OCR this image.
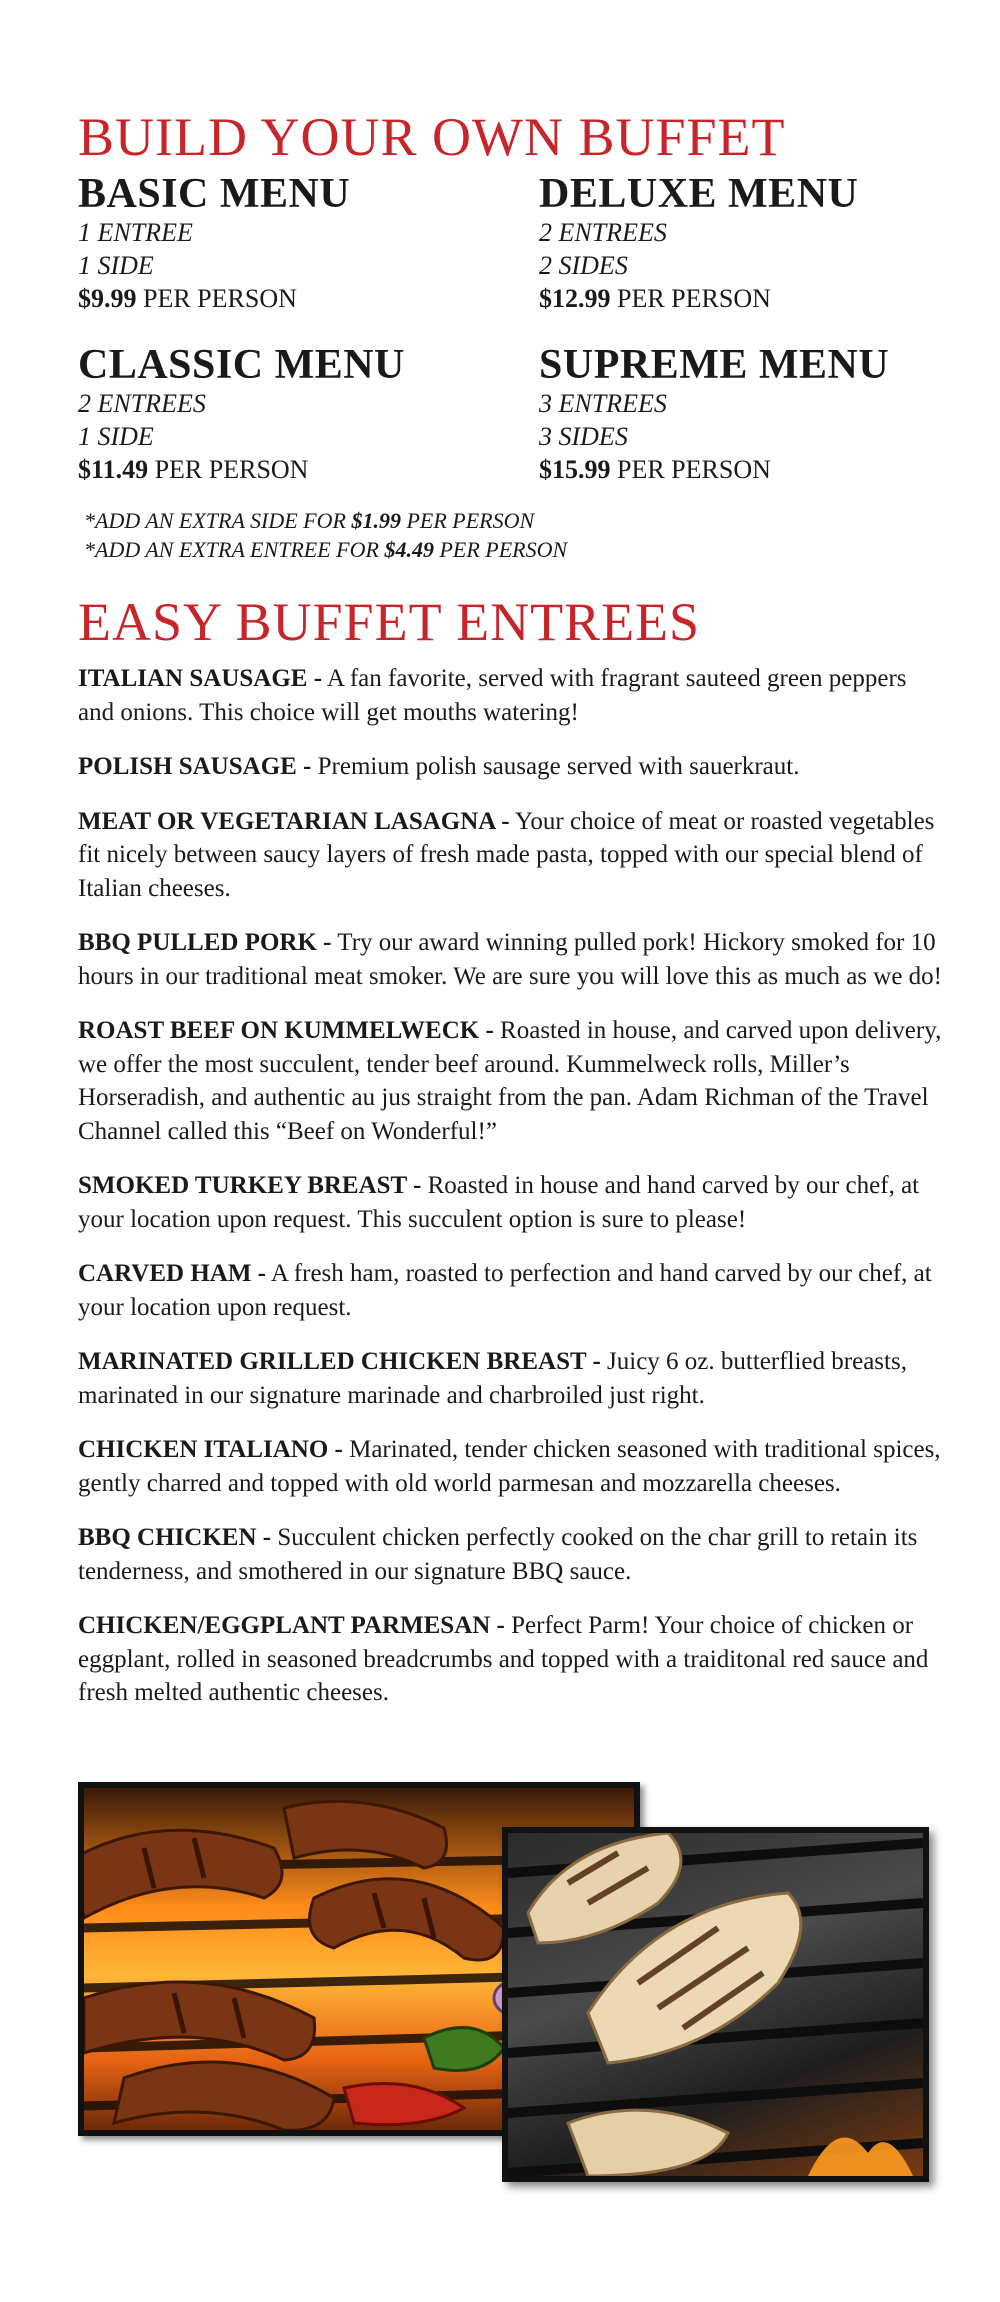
BUILD YOUR OWN BUFFET
BASIC MENU
1 ENTREE
1 SIDE
$9.99 PER PERSON
DELUXE MENU
2 ENTREES
2 SIDES
$12.99 PER PERSON
CLASSIC MENU
2 ENTREES
1 SIDE
$11.49 PER PERSON
SUPREME MENU
3 ENTREES
3 SIDES
$15.99 PER PERSON
*ADD AN EXTRA SIDE FOR $1.99 PER PERSON
*ADD AN EXTRA ENTREE FOR $4.49 PER PERSON
EASY BUFFET ENTREES

ITALIAN SAUSAGE - A fan favorite, served with fragrant sauteed green peppers and onions. This choice will get mouths watering!

POLISH SAUSAGE - Premium polish sausage served with sauerkraut.

MEAT OR VEGETARIAN LASAGNA - Your choice of meat or roasted vegetables fit nicely between saucy layers of fresh made pasta, topped with our special blend of Italian cheeses.

BBQ PULLED PORK - Try our award winning pulled pork! Hickory smoked for 10 hours in our traditional meat smoker. We are sure you will love this as much as we do!

ROAST BEEF ON KUMMELWECK - Roasted in house, and carved upon delivery, we offer the most succulent, tender beef around. Kummelweck rolls, Miller’s Horseradish, and authentic au jus straight from the pan. Adam Richman of the Travel Channel called this “Beef on Wonderful!”

SMOKED TURKEY BREAST - Roasted in house and hand carved by our chef, at your location upon request. This succulent option is sure to please!

CARVED HAM - A fresh ham, roasted to perfection and hand carved by our chef, at your location upon request.

MARINATED GRILLED CHICKEN BREAST - Juicy 6 oz. butterflied breasts, marinated in our signature marinade and charbroiled just right.

CHICKEN ITALIANO - Marinated, tender chicken seasoned with traditional spices, gently charred and topped with old world parmesan and mozzarella cheeses.

BBQ CHICKEN - Succulent chicken perfectly cooked on the char grill to retain its tenderness, and smothered in our signature BBQ sauce.

CHICKEN/EGGPLANT PARMESAN - Perfect Parm! Your choice of chicken or eggplant, rolled in seasoned breadcrumbs and topped with a traiditonal red sauce and fresh melted authentic cheeses.
